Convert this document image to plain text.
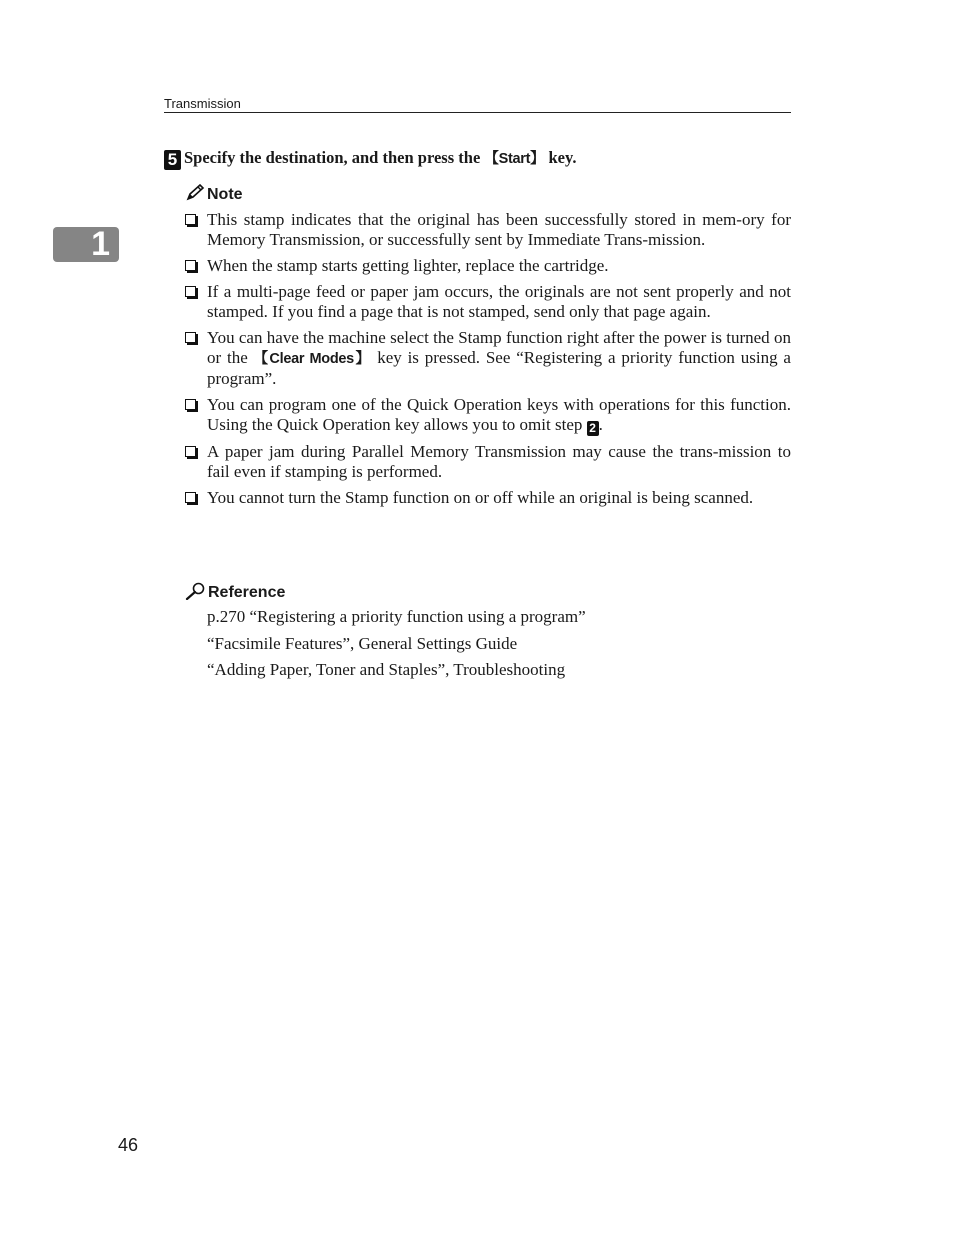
Transmission
1
5 Specify the destination, and then press the 【Start】 key.
Note
This stamp indicates that the original has been successfully stored in mem-ory for Memory Transmission, or successfully sent by Immediate Trans-mission.
When the stamp starts getting lighter, replace the cartridge.
If a multi-page feed or paper jam occurs, the originals are not sent properly and not stamped. If you find a page that is not stamped, send only that page again.
You can have the machine select the Stamp function right after the power is turned on or the 【Clear Modes】 key is pressed. See “Registering a priority function using a program”.
You can program one of the Quick Operation keys with operations for this function. Using the Quick Operation key allows you to omit step 2 .
A paper jam during Parallel Memory Transmission may cause the trans-mission to fail even if stamping is performed.
You cannot turn the Stamp function on or off while an original is being scanned.
Reference
p.270 “Registering a priority function using a program”
“Facsimile Features”, General Settings Guide
“Adding Paper, Toner and Staples”, Troubleshooting
46
